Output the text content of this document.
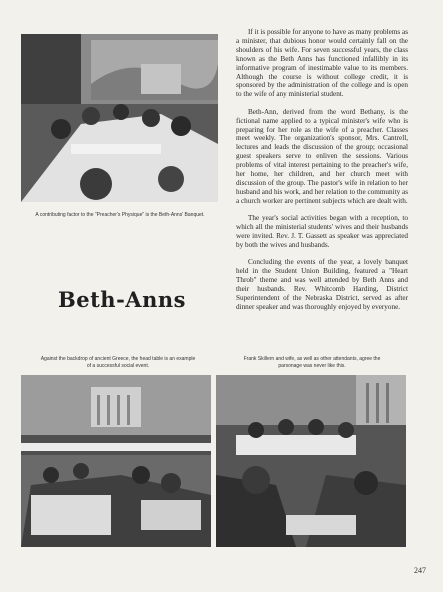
A contributing factor to the "Preacher's Physique" is the Beth-Anns' Banquet.

If it is possible for anyone to have as many problems as a minister, that dubious honor would certainly fall on the shoulders of his wife. For seven successful years, the class known as the Beth Anns has functioned infallibly in its informative program of inestimable value to its members. Although the course is without college credit, it is sponsored by the administration of the college and is open to the wife of any ministerial student.

Beth-Ann, derived from the word Bethany, is the fictional name applied to a typical minister's wife who is preparing for her role as the wife of a preacher. Classes meet weekly. The organization's sponsor, Mrs. Cantrell, lectures and leads the discussion of the group; occasional guest speakers serve to enliven the sessions. Various problems of vital interest pertaining to the preacher's wife, her home, her children, and her church meet with discussion of the group. The pastor's wife in relation to her husband and his work, and her relation to the community as a church worker are pertinent subjects which are dealt with.

The year's social activities began with a reception, to which all the ministerial students' wives and their husbands were invited. Rev. J. T. Gassett as speaker was appreciated by both the wives and husbands.

Concluding the events of the year, a lovely banquet held in the Student Union Building, featured a "Heart Throb" theme and was well attended by Beth Anns and their husbands. Rev. Whitcomb Harding, District Superintendent of the Nebraska District, served as after dinner speaker and was thoroughly enjoyed by everyone.

Beth-Anns
Against the backdrop of ancient Greece, the head table is an example of a successful social event.
Frank Skillern and wife, as well as other attendants, agree the parsonage was never like this.
247
